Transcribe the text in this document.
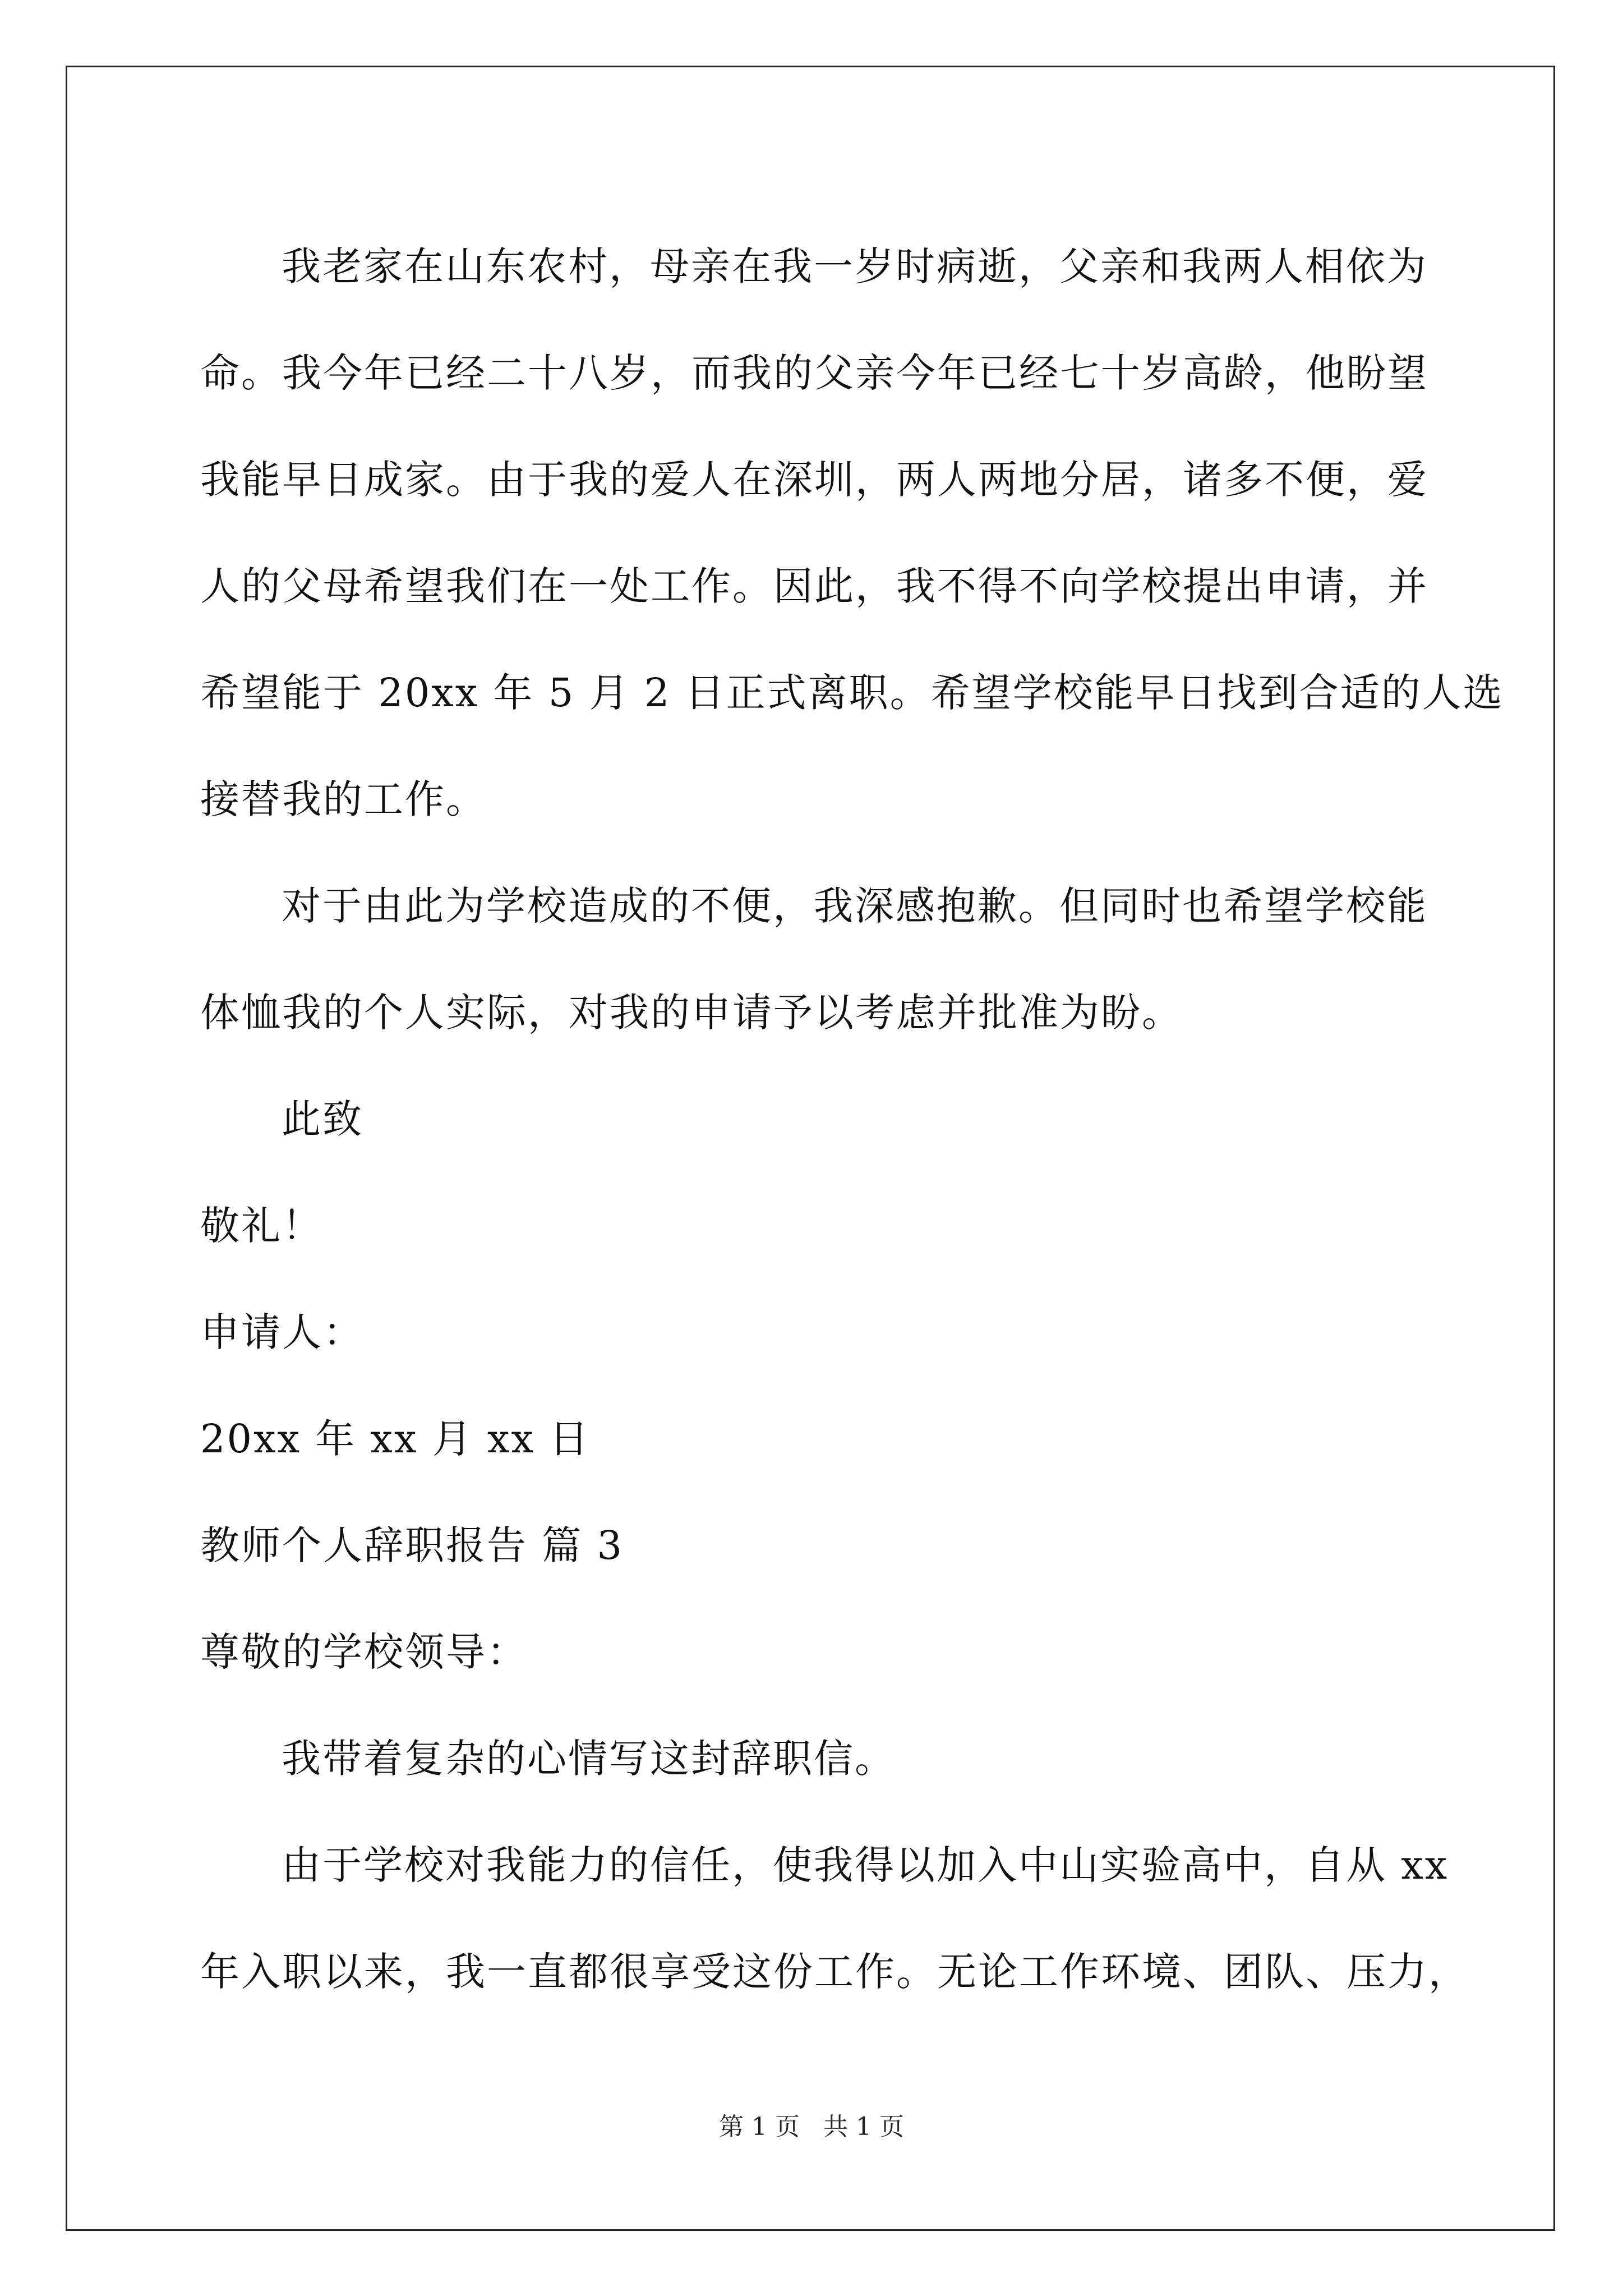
我老家在山东农村，母亲在我一岁时病逝，父亲和我两人相依为
命。我今年已经二十八岁，而我的父亲今年已经七十岁高龄，他盼望
我能早日成家。由于我的爱人在深圳，两人两地分居，诸多不便，爱
人的父母希望我们在一处工作。因此，我不得不向学校提出申请，并
希望能于 20xx 年 5 月 2 日正式离职。希望学校能早日找到合适的人选
接替我的工作。
对于由此为学校造成的不便，我深感抱歉。但同时也希望学校能
体恤我的个人实际，对我的申请予以考虑并批准为盼。
此致
敬礼！
申请人：
20xx 年 xx 月 xx 日
教师个人辞职报告 篇 3
尊敬的学校领导：
我带着复杂的心情写这封辞职信。
由于学校对我能力的信任，使我得以加入中山实验高中，自从 xx
年入职以来，我一直都很享受这份工作。无论工作环境、团队、压力，
第 1 页   共 1 页
